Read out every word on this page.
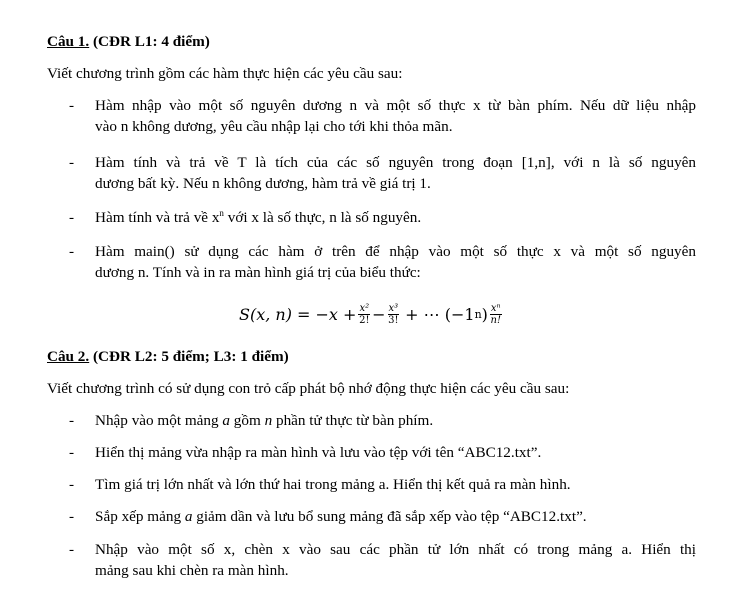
Câu 1. (CĐR L1: 4 điểm)
Viết chương trình gồm các hàm thực hiện các yêu cầu sau:
- Hàm nhập vào một số nguyên dương n và một số thực x từ bàn phím. Nếu dữ liệu nhập
vào n không dương, yêu cầu nhập lại cho tới khi thỏa mãn.
- Hàm tính và trả về T là tích của các số nguyên trong đoạn [1,n], với n là số nguyên
dương bất kỳ. Nếu n không dương, hàm trả về giá trị 1.
- Hàm tính và trả về $x^n$ với x là số thực, n là số nguyên.
- Hàm main() sử dụng các hàm ở trên để nhập vào một số thực x và một số nguyên
dương n. Tính và in ra màn hình giá trị của biểu thức:
S(x, $n) = -x + \frac{\text{x²}}{2!} - \frac{\text{x³}}{3!}$ + ⋯ (−1 n ) $\frac{\text{xⁿ}}{n!}$
Câu 2. (CĐR L2: 5 điểm; L3: 1 điểm)
Viết chương trình có sử dụng con trỏ cấp phát bộ nhớ động thực hiện các yêu cầu sau:
- Nhập vào một mảng a gồm n phần tử thực từ bàn phím.
- Hiển thị mảng vừa nhập ra màn hình và lưu vào tệp với tên “ABC12.txt”.
- Tìm giá trị lớn nhất và lớn thứ hai trong mảng a. Hiển thị kết quả ra màn hình.
- Sắp xếp mảng a giảm dần và lưu bổ sung mảng đã sắp xếp vào tệp “ABC12.txt”.
- Nhập vào một số x, chèn x vào sau các phần tử lớn nhất có trong mảng a. Hiển thị
mảng sau khi chèn ra màn hình.
